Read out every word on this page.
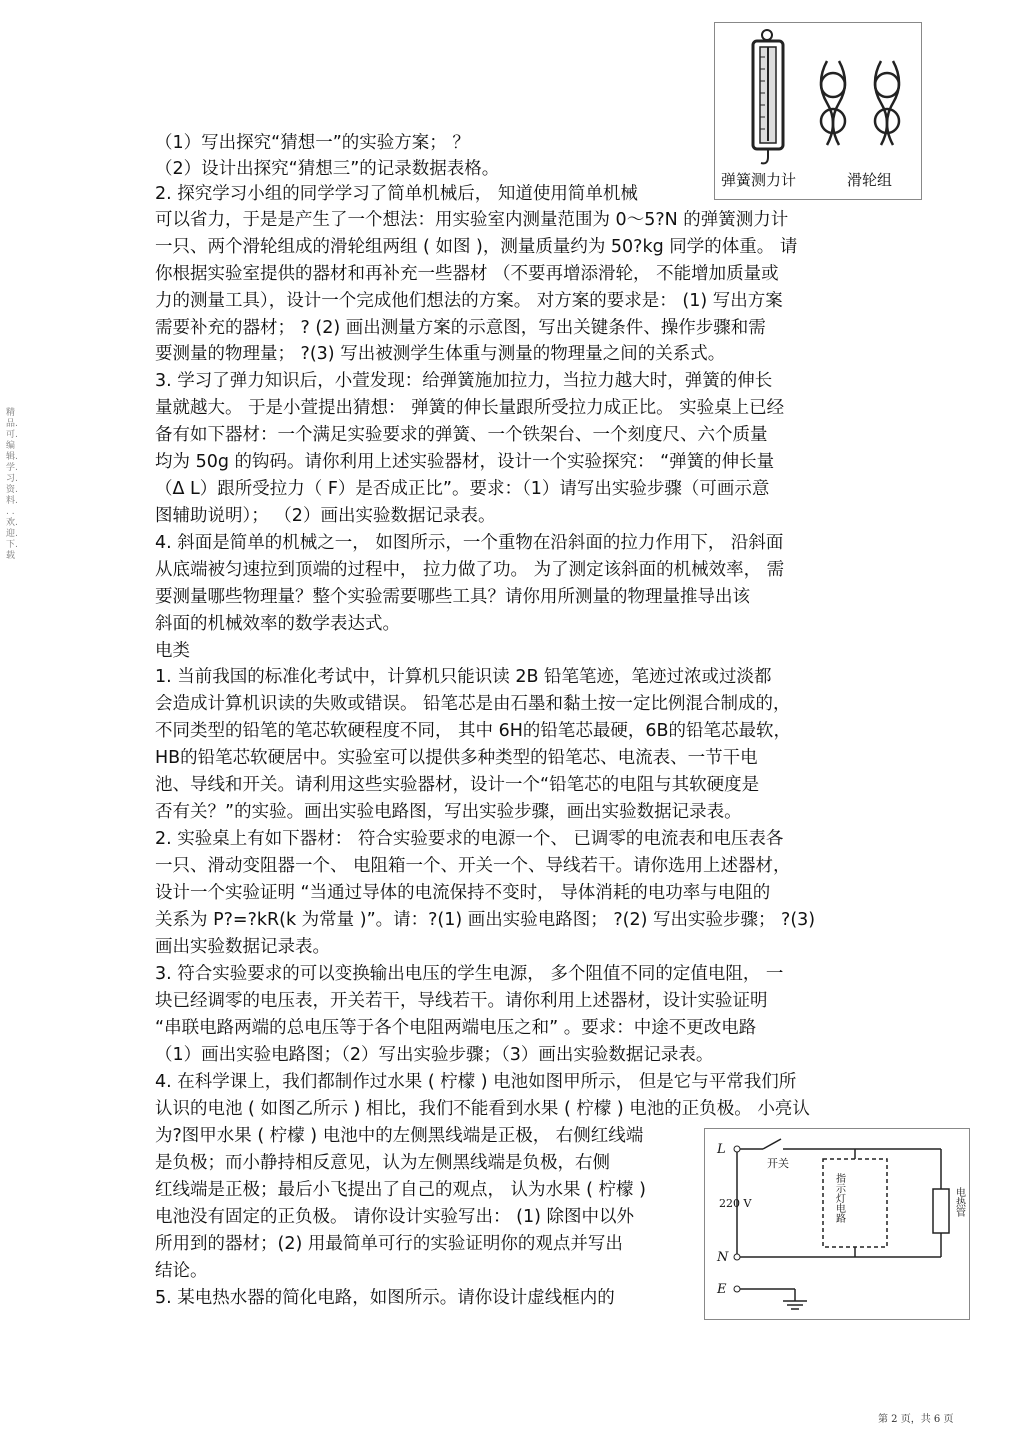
精品.可.编辑.学.习.资.料. . . 欢.迎.下.载
弹簧测力计	滑轮组
L
开关
220 V
N
E
指示灯电路	电热管
（1）写出探究“猜想一”的实验方案； ？
（2）设计出探究“猜想三”的记录数据表格。
2. 探究学习小组的同学学习了简单机械后， 知道使用简单机械
可以省力，于是是产生了一个想法：用实验室内测量范围为 0～5?N 的弹簧测力计
一只、两个滑轮组成的滑轮组两组 ( 如图 )，测量质量约为 50?kg 同学的体重。 请
你根据实验室提供的器材和再补充一些器材 （不要再增添滑轮， 不能增加质量或
力的测量工具），设计一个完成他们想法的方案。 对方案的要求是： (1) 写出方案
需要补充的器材； ? (2) 画出测量方案的示意图，写出关键条件、操作步骤和需
要测量的物理量； ?(3) 写出被测学生体重与测量的物理量之间的关系式。
3. 学习了弹力知识后，小萱发现：给弹簧施加拉力，当拉力越大时，弹簧的伸长
量就越大。 于是小萱提出猜想： 弹簧的伸长量跟所受拉力成正比。 实验桌上已经
备有如下器材：一个满足实验要求的弹簧、一个铁架台、一个刻度尺、六个质量
均为 50g 的钩码。请你利用上述实验器材，设计一个实验探究： “弹簧的伸长量
（Δ L）跟所受拉力（ F）是否成正比”。要求：（1）请写出实验步骤（可画示意
图辅助说明）； （2）画出实验数据记录表。
4. 斜面是简单的机械之一， 如图所示，一个重物在沿斜面的拉力作用下， 沿斜面
从底端被匀速拉到顶端的过程中， 拉力做了功。 为了测定该斜面的机械效率， 需
要测量哪些物理量？整个实验需要哪些工具？请你用所测量的物理量推导出该
斜面的机械效率的数学表达式。
电类
1. 当前我国的标准化考试中，计算机只能识读 2B 铅笔笔迹，笔迹过浓或过淡都
会造成计算机识读的失败或错误。 铅笔芯是由石墨和黏土按一定比例混合制成的，
不同类型的铅笔的笔芯软硬程度不同， 其中 6H的铅笔芯最硬，6B的铅笔芯最软，
HB的铅笔芯软硬居中。实验室可以提供多种类型的铅笔芯、电流表、一节干电
池、导线和开关。请利用这些实验器材，设计一个“铅笔芯的电阻与其软硬度是
否有关？”的实验。画出实验电路图，写出实验步骤，画出实验数据记录表。
2. 实验桌上有如下器材： 符合实验要求的电源一个、 已调零的电流表和电压表各
一只、滑动变阻器一个、 电阻箱一个、开关一个、导线若干。请你选用上述器材，
设计一个实验证明 “当通过导体的电流保持不变时， 导体消耗的电功率与电阻的
关系为 P?=?kR(k 为常量 )”。请：?(1) 画出实验电路图； ?(2) 写出实验步骤； ?(3)
画出实验数据记录表。
3. 符合实验要求的可以变换输出电压的学生电源， 多个阻值不同的定值电阻， 一
块已经调零的电压表，开关若干，导线若干。请你利用上述器材，设计实验证明
“串联电路两端的总电压等于各个电阻两端电压之和” 。要求：中途不更改电路
（1）画出实验电路图；（2）写出实验步骤；（3）画出实验数据记录表。
4. 在科学课上，我们都制作过水果 ( 柠檬 ) 电池如图甲所示， 但是它与平常我们所
认识的电池 ( 如图乙所示 ) 相比，我们不能看到水果 ( 柠檬 ) 电池的正负极。 小亮认
为?图甲水果 ( 柠檬 ) 电池中的左侧黑线端是正极， 右侧红线端
是负极；而小静持相反意见，认为左侧黑线端是负极，右侧
红线端是正极；最后小飞提出了自己的观点， 认为水果 ( 柠檬 )
电池没有固定的正负极。 请你设计实验写出： (1) 除图中以外
所用到的器材；(2) 用最简单可行的实验证明你的观点并写出
结论。
5. 某电热水器的简化电路，如图所示。请你设计虚线框内的
第 2 页，共 6 页
